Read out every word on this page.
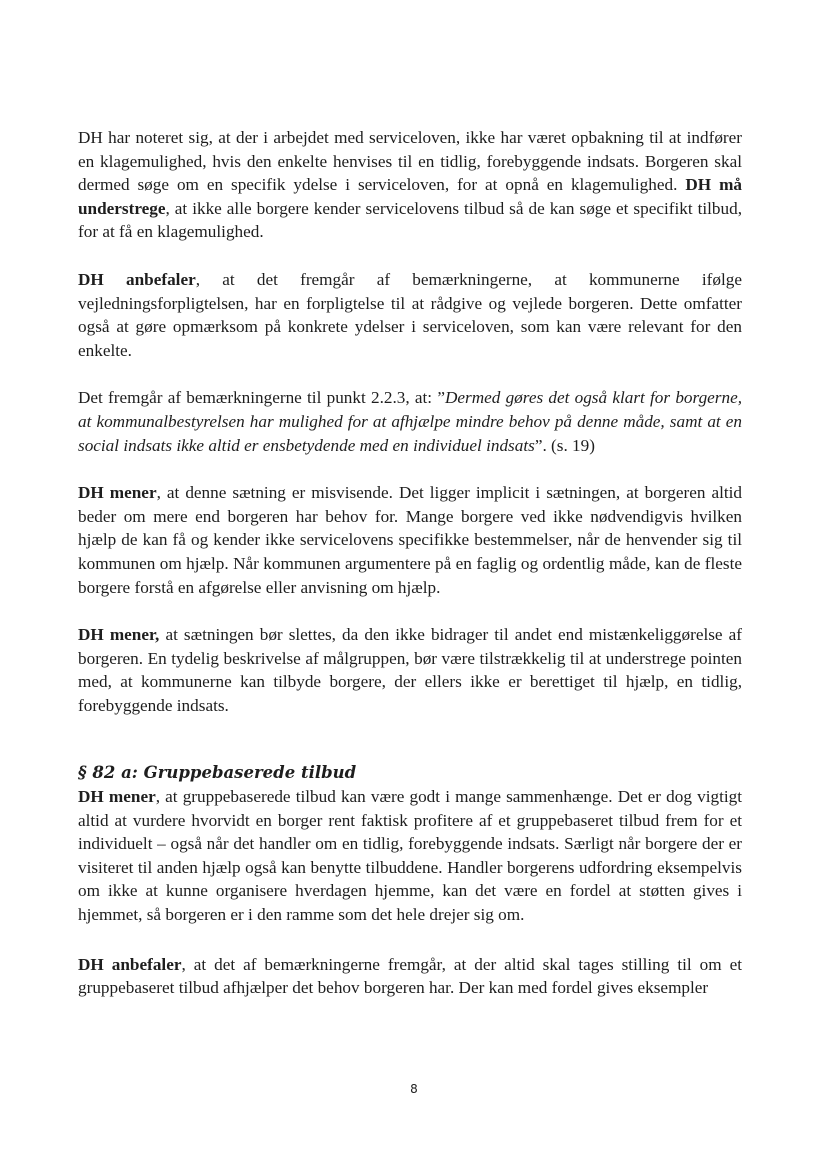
DH har noteret sig, at der i arbejdet med serviceloven, ikke har været opbakning til at indfører en klagemulighed, hvis den enkelte henvises til en tidlig, forebyggende indsats. Borgeren skal dermed søge om en specifik ydelse i serviceloven, for at opnå en klagemulighed. DH må understrege, at ikke alle borgere kender servicelovens tilbud så de kan søge et specifikt tilbud, for at få en klagemulighed.

DH anbefaler, at det fremgår af bemærkningerne, at kommunerne ifølge vejledningsforpligtelsen, har en forpligtelse til at rådgive og vejlede borgeren. Dette omfatter også at gøre opmærksom på konkrete ydelser i serviceloven, som kan være relevant for den enkelte.

Det fremgår af bemærkningerne til punkt 2.2.3, at: ”Dermed gøres det også klart for borgerne, at kommunalbestyrelsen har mulighed for at afhjælpe mindre behov på denne måde, samt at en social indsats ikke altid er ensbetydende med en individuel indsats”. (s. 19)

DH mener, at denne sætning er misvisende. Det ligger implicit i sætningen, at borgeren altid beder om mere end borgeren har behov for. Mange borgere ved ikke nødvendigvis hvilken hjælp de kan få og kender ikke servicelovens specifikke bestemmelser, når de henvender sig til kommunen om hjælp. Når kommunen argumentere på en faglig og ordentlig måde, kan de fleste borgere forstå en afgørelse eller anvisning om hjælp.

DH mener, at sætningen bør slettes, da den ikke bidrager til andet end mistænkeliggørelse af borgeren. En tydelig beskrivelse af målgruppen, bør være tilstrækkelig til at understrege pointen med, at kommunerne kan tilbyde borgere, der ellers ikke er berettiget til hjælp, en tidlig, forebyggende indsats.

§ 82 a: Gruppebaserede tilbud

DH mener, at gruppebaserede tilbud kan være godt i mange sammenhænge. Det er dog vigtigt altid at vurdere hvorvidt en borger rent faktisk profitere af et gruppebaseret tilbud frem for et individuelt – også når det handler om en tidlig, forebyggende indsats. Særligt når borgere der er visiteret til anden hjælp også kan benytte tilbuddene. Handler borgerens udfordring eksempelvis om ikke at kunne organisere hverdagen hjemme, kan det være en fordel at støtten gives i hjemmet, så borgeren er i den ramme som det hele drejer sig om.

DH anbefaler, at det af bemærkningerne fremgår, at der altid skal tages stilling til om et gruppebaseret tilbud afhjælper det behov borgeren har. Der kan med fordel gives eksempler

8
